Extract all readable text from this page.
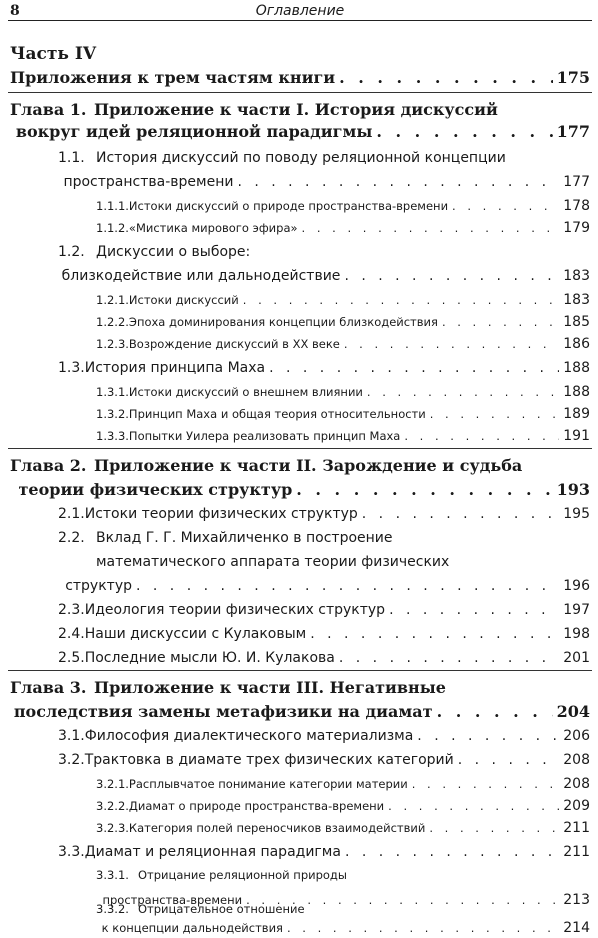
8	Оглавление
Часть IV
Приложения к трем частям книги . . .	175
Глава 1. Приложение к части I. История дискуссий
вокруг идей реляционной парадигмы . . .	177
1.1. История дискуссий по поводу реляционной концепции
пространства-времени . . .	177
1.1.1. Истоки дискуссий о природе пространства-времени . . .	178
1.1.2. «Мистика мирового эфира» . . .	179
1.2. Дискуссии о выборе:
близкодействие или дальнодействие . . .	183
1.2.1. Истоки дискуссий . . .	183
1.2.2. Эпоха доминирования концепции близкодействия . . .	185
1.2.3. Возрождение дискуссий в XX веке . . .	186
1.3. История принципа Маха . . .	188
1.3.1. Истоки дискуссий о внешнем влиянии . . .	188
1.3.2. Принцип Маха и общая теория относительности . . .	189
1.3.3. Попытки Уилера реализовать принцип Маха . . .	191
Глава 2. Приложение к части II. Зарождение и судьба
теории физических структур . . .	193
2.1. Истоки теории физических структур . . .	195
2.2. Вклад Г. Г. Михайличенко в построение
математического аппарата теории физических
структур . . .	196
2.3. Идеология теории физических структур . . .	197
2.4. Наши дискуссии с Кулаковым . . .	198
2.5. Последние мысли Ю. И. Кулакова . . .	201
Глава 3. Приложение к части III. Негативные
последствия замены метафизики на диамат . . .	204
3.1. Философия диалектического материализма . . .	206
3.2. Трактовка в диамате трех физических категорий . . .	208
3.2.1. Расплывчатое понимание категории материи . . .	208
3.2.2. Диамат о природе пространства-времени . . .	209
3.2.3. Категория полей переносчиков взаимодействий . . .	211
3.3. Диамат и реляционная парадигма . . .	211
3.3.1. Отрицание реляционной природы
пространства-времени . . .	213
3.3.2. Отрицательное отношение
к концепции дальнодействия . . .	214
